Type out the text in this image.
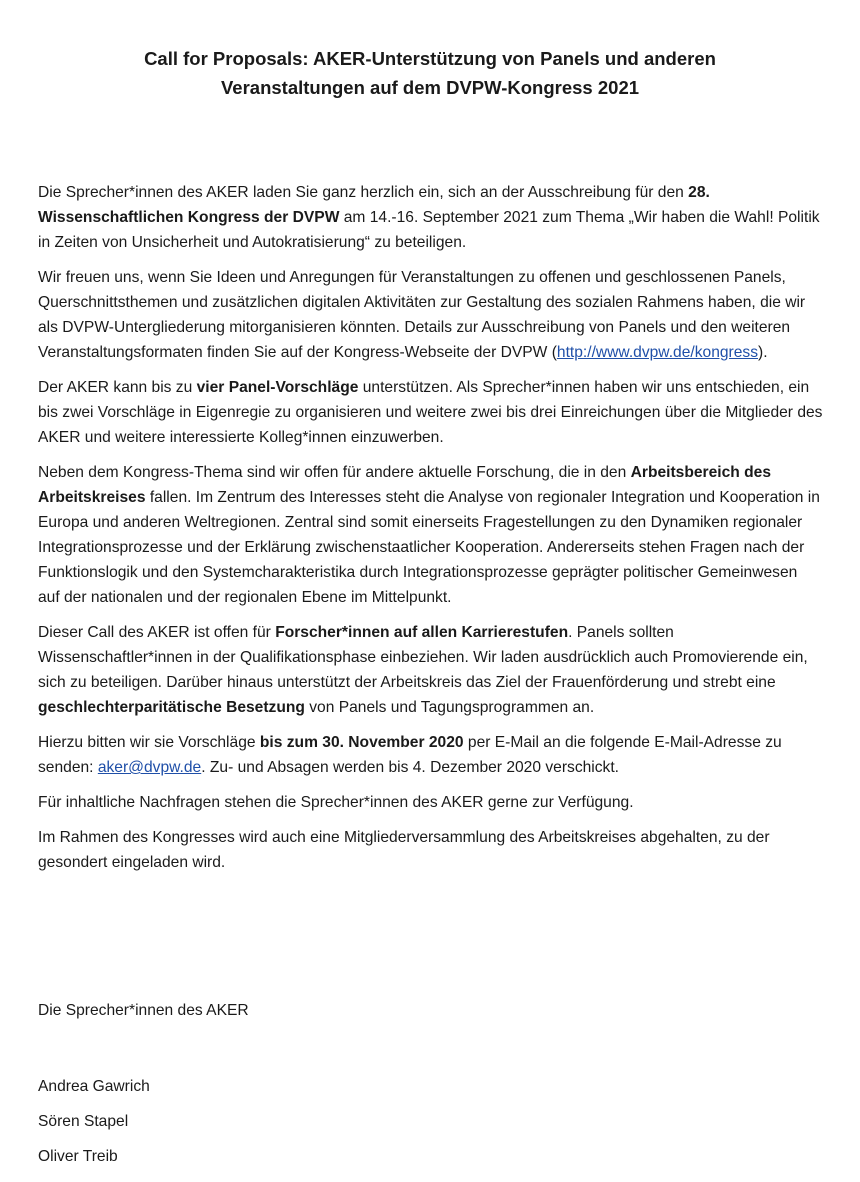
Call for Proposals: AKER-Unterstützung von Panels und anderen
Veranstaltungen auf dem DVPW-Kongress 2021

Die Sprecher*innen des AKER laden Sie ganz herzlich ein, sich an der Ausschreibung für den 28. Wissenschaftlichen Kongress der DVPW am 14.-16. September 2021 zum Thema „Wir haben die Wahl! Politik in Zeiten von Unsicherheit und Autokratisierung“ zu beteiligen.

Wir freuen uns, wenn Sie Ideen und Anregungen für Veranstaltungen zu offenen und geschlossenen Panels, Querschnittsthemen und zusätzlichen digitalen Aktivitäten zur Gestaltung des sozialen Rahmens haben, die wir als DVPW-Untergliederung mitorganisieren könnten. Details zur Ausschreibung von Panels und den weiteren Veranstaltungsformaten finden Sie auf der Kongress-Webseite der DVPW (http://www.dvpw.de/kongress).

Der AKER kann bis zu vier Panel-Vorschläge unterstützen. Als Sprecher*innen haben wir uns entschieden, ein bis zwei Vorschläge in Eigenregie zu organisieren und weitere zwei bis drei Einreichungen über die Mitglieder des AKER und weitere interessierte Kolleg*innen einzuwerben.

Neben dem Kongress-Thema sind wir offen für andere aktuelle Forschung, die in den Arbeitsbereich des Arbeitskreises fallen. Im Zentrum des Interesses steht die Analyse von regionaler Integration und Kooperation in Europa und anderen Weltregionen. Zentral sind somit einerseits Fragestellungen zu den Dynamiken regionaler Integrationsprozesse und der Erklärung zwischenstaatlicher Kooperation. Andererseits stehen Fragen nach der Funktionslogik und den Systemcharakteristika durch Integrationsprozesse geprägter politischer Gemeinwesen auf der nationalen und der regionalen Ebene im Mittelpunkt.

Dieser Call des AKER ist offen für Forscher*innen auf allen Karrierestufen. Panels sollten Wissenschaftler*innen in der Qualifikationsphase einbeziehen. Wir laden ausdrücklich auch Promovierende ein, sich zu beteiligen. Darüber hinaus unterstützt der Arbeitskreis das Ziel der Frauenförderung und strebt eine geschlechterparitätische Besetzung von Panels und Tagungsprogrammen an.

Hierzu bitten wir sie Vorschläge bis zum 30. November 2020 per E-Mail an die folgende E-Mail-Adresse zu senden: aker@dvpw.de. Zu- und Absagen werden bis 4. Dezember 2020 verschickt.

Für inhaltliche Nachfragen stehen die Sprecher*innen des AKER gerne zur Verfügung.

Im Rahmen des Kongresses wird auch eine Mitgliederversammlung des Arbeitskreises abgehalten, zu der gesondert eingeladen wird.

Die Sprecher*innen des AKER
Andrea Gawrich
Sören Stapel
Oliver Treib
